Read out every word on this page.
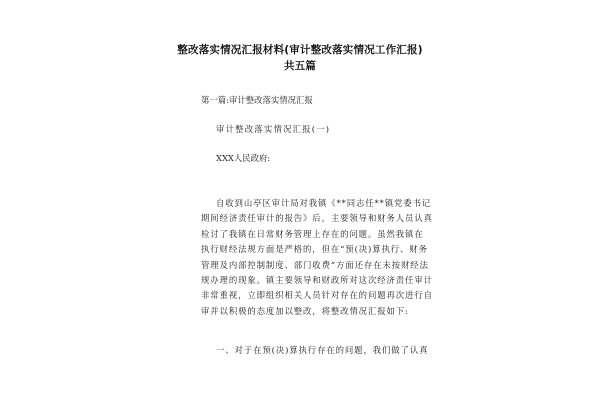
整改落实情况汇报材料(审计整改落实情况工作汇报)
共五篇
第一篇:审计整改落实情况汇报
审计整改落实情况汇报(一)
XXX人民政府:
自收到山亭区审计局对我镇《**同志任**镇党委书记
期间经济责任审计的报告》后，主要领导和财务人员认真
检讨了我镇在日常财务管理上存在的问题。虽然我镇在
执行财经法规方面是严格的，但在“预(决)算执行、财务
管理及内部控制制度、部门收费”方面还存在未按财经法
规办理的现象。镇主要领导和财政所对这次经济责任审计
非常重视，立即组织相关人员针对存在的问题再次进行自
审并以积极的态度加以整改，将整改情况汇报如下:
一、对于在预(决)算执行存在的问题，我们做了认真
